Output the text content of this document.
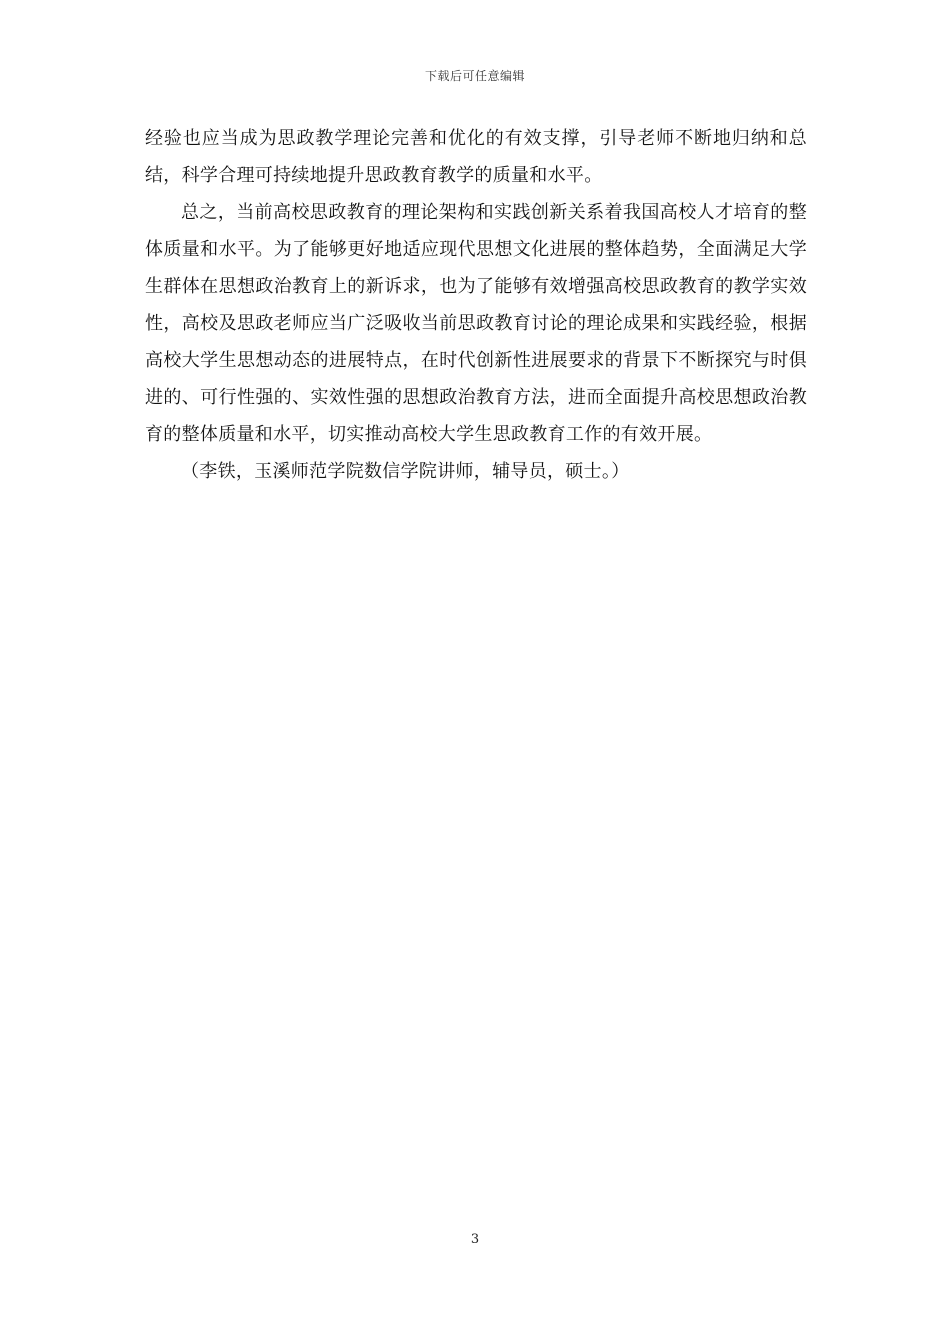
下载后可任意编辑

经验也应当成为思政教学理论完善和优化的有效支撑，引导老师不断地归纳和总结，科学合理可持续地提升思政教育教学的质量和水平。

总之，当前高校思政教育的理论架构和实践创新关系着我国高校人才培育的整体质量和水平。为了能够更好地适应现代思想文化进展的整体趋势，全面满足大学生群体在思想政治教育上的新诉求，也为了能够有效增强高校思政教育的教学实效性，高校及思政老师应当广泛吸收当前思政教育讨论的理论成果和实践经验，根据高校大学生思想动态的进展特点，在时代创新性进展要求的背景下不断探究与时俱进的、可行性强的、实效性强的思想政治教育方法，进而全面提升高校思想政治教育的整体质量和水平，切实推动高校大学生思政教育工作的有效开展。

（李铁，玉溪师范学院数信学院讲师，辅导员，硕士。）

3
